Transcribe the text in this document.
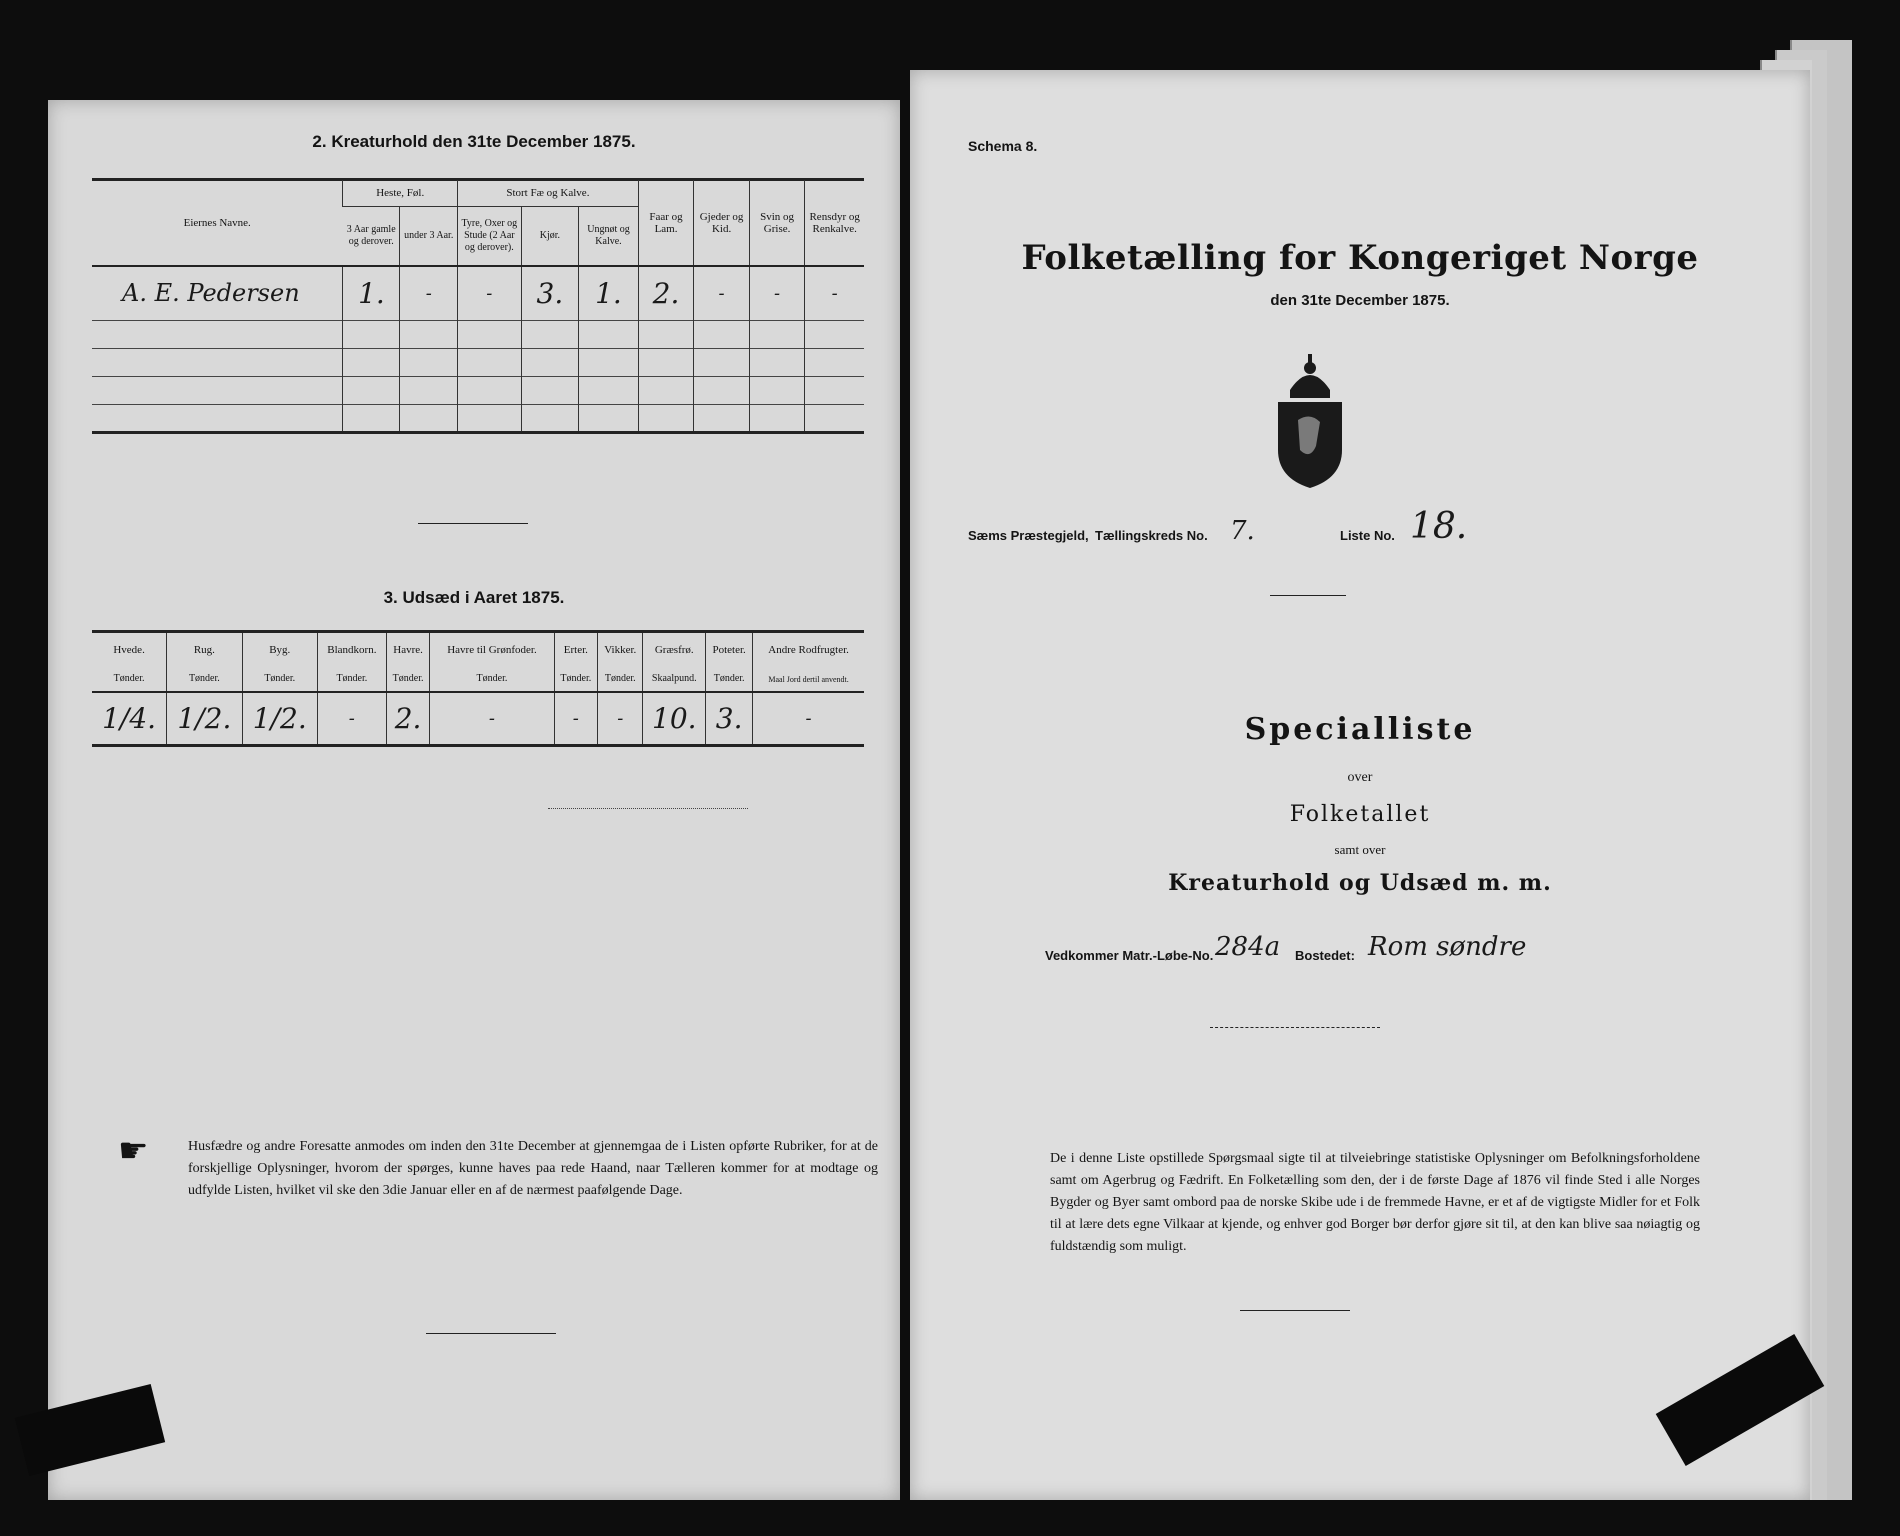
2. Kreaturhold den 31te December 1875.
Eiernes Navne.	Heste, Føl.		Stort Fæ og Kalve.			Faar og Lam.	Gjeder og Kid.	Svin og Grise.	Rensdyr og Renkalve.
	3 Aar gamle og derover.	under 3 Aar.	Tyre, Oxer og Stude (2 Aar og derover).	Kjør.	Ungnøt og Kalve.				
A. E. Pedersen	1.	-	-	3.	1.	2.	-	-	-

3. Udsæd i Aaret 1875.
Hvede.	Rug.	Byg.	Blandkorn.	Havre.	Havre til Grønfoder.	Erter.	Vikker.	Græsfrø.	Poteter.	Andre Rodfrugter.
Tønder.	Tønder.	Tønder.	Tønder.	Tønder.	Tønder.	Tønder.	Tønder.	Skaalpund.	Tønder.	Maal Jord dertil anvendt.
1/4.	1/2.	1/2.	-	2.	-	-	-	10.	3.	-
☛	Husfædre og andre Foresatte anmodes om inden den 31te December at gjennemgaa de i Listen opførte Rubriker, for at de forskjellige Oplysninger, hvorom der spørges, kunne haves paa rede Haand, naar Tælleren kommer for at modtage og udfylde Listen, hvilket vil ske den 3die Januar eller en af de nærmest paafølgende Dage.
Schema 8.
Folketælling for Kongeriget Norge
den 31te December 1875.
Sæms Præstegjeld, Tællingskreds No. 7.	Liste No. 18.
Specialliste
over
Folketallet
samt over
Kreaturhold og Udsæd m. m.
Vedkommer Matr.-Løbe-No. 284a Bostedet: Rom søndre
De i denne Liste opstillede Spørgsmaal sigte til at tilveiebringe statistiske Oplysninger om Befolkningsforholdene samt om Agerbrug og Fædrift. En Folketælling som den, der i de første Dage af 1876 vil finde Sted i alle Norges Bygder og Byer samt ombord paa de norske Skibe ude i de fremmede Havne, er et af de vigtigste Midler for et Folk til at lære dets egne Vilkaar at kjende, og enhver god Borger bør derfor gjøre sit til, at den kan blive saa nøiagtig og fuldstændig som muligt.
